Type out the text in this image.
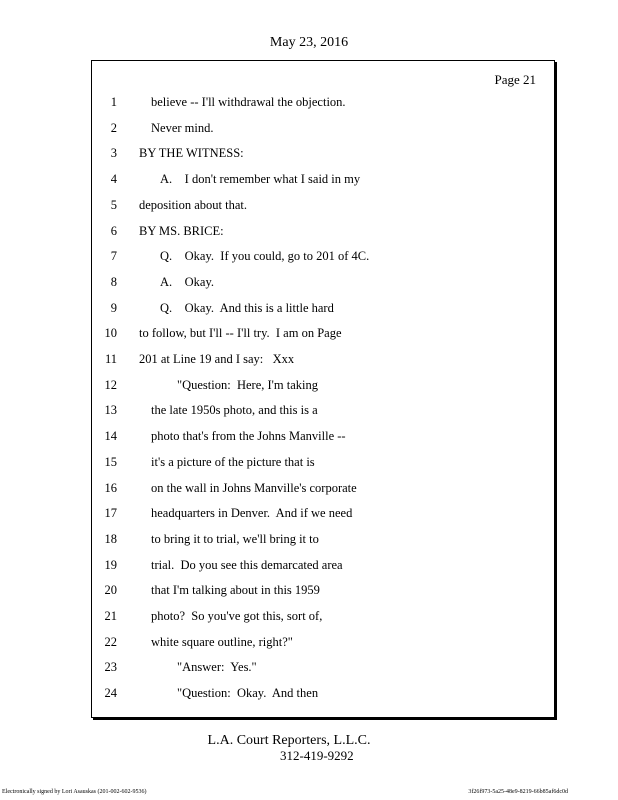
May 23, 2016
Page 21
1	believe -- I'll withdrawal the objection.
2	Never mind.
3 BY THE WITNESS:
4	A.    I don't remember what I said in my
5 deposition about that.
6 BY MS. BRICE:
7	Q.    Okay.  If you could, go to 201 of 4C.
8	A.    Okay.
9	Q.    Okay.  And this is a little hard
10 to follow, but I'll -- I'll try.  I am on Page
11 201 at Line 19 and I say:   Xxx
12	"Question:  Here, I'm taking
13	the late 1950s photo, and this is a
14	photo that's from the Johns Manville --
15	it's a picture of the picture that is
16	on the wall in Johns Manville's corporate
17	headquarters in Denver.  And if we need
18	to bring it to trial, we'll bring it to
19	trial.  Do you see this demarcated area
20	that I'm talking about in this 1959
21	photo?  So you've got this, sort of,
22	white square outline, right?"
23	"Answer:  Yes."
24	"Question:  Okay.  And then
L.A. Court Reporters, L.L.C.
312-419-9292
Electronically signed by Lori Asauskas (201-002-602-9536)	3f26f973-5a25-48e9-8219-66b85af6dc0d
